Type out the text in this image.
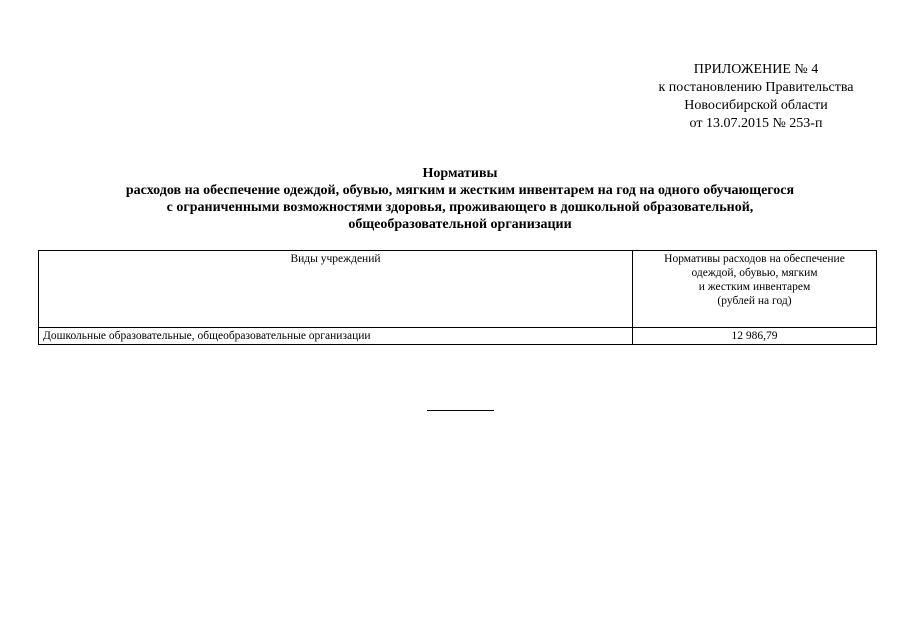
ПРИЛОЖЕНИЕ № 4
к постановлению Правительства
Новосибирской области
от 13.07.2015 № 253-п
Нормативы
расходов на обеспечение одеждой, обувью, мягким и жестким инвентарем на год на одного обучающегося
с ограниченными возможностями здоровья, проживающего в дошкольной образовательной,
общеобразовательной организации
Виды учреждений	Нормативы расходов на обеспечение
одеждой, обувью, мягким
и жестким инвентарем
(рублей на год)

Дошкольные образовательные, общеобразовательные организации	12 986,79
